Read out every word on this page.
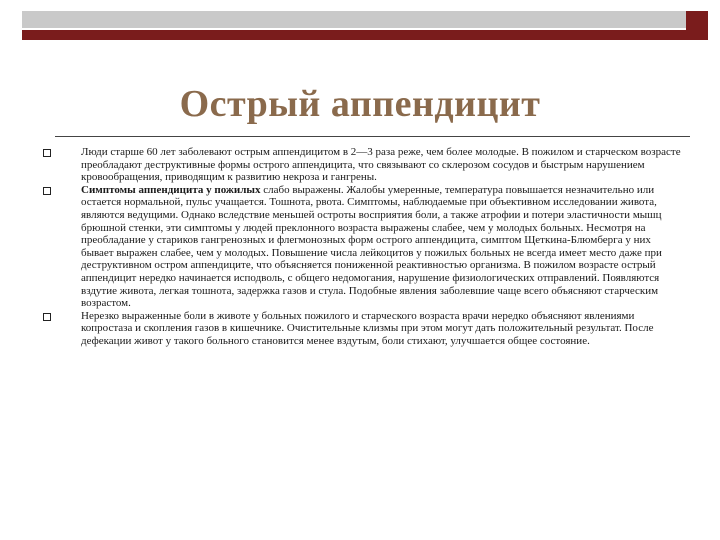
Острый аппендицит
Люди старше 60 лет заболевают острым аппендицитом в 2—3 раза реже, чем более молодые. В пожилом и старческом возрасте преобладают деструктивные формы острого аппендицита, что связывают со склерозом сосудов и быстрым нарушением кровообращения, приводящим к развитию некроза и гангрены.
Симптомы аппендицита у пожилых слабо выражены. Жалобы умеренные, температура повышается незначительно или остается нормальной, пульс учащается. Тошнота, рвота. Симптомы, наблюдаемые при объективном исследовании живота, являются ведущими. Однако вследствие меньшей остроты восприятия боли, а также атрофии и потери эластичности мышц брюшной стенки, эти симптомы у людей преклонного возраста выражены слабее, чем у молодых больных. Несмотря на преобладание у стариков гангренозных и флегмонозных форм острого аппендицита, симптом Щеткина-Блюмберга у них бывает выражен слабее, чем у молодых. Повышение числа лейкоцитов у пожилых больных не всегда имеет место даже при деструктивном остром аппендиците, что объясняется пониженной реактивностью организма. В пожилом возрасте острый аппендицит нередко начинается исподволь, с общего недомогания, нарушение физиологических отправлений. Появляются вздутие живота, легкая тошнота, задержка газов и стула. Подобные явления заболевшие чаще всего объясняют старческим возрастом.
Нерезко выраженные боли в животе у больных пожилого и старческого возраста врачи нередко объясняют явлениями копростаза и скопления газов в кишечнике. Очистительные клизмы при этом могут дать положительный результат. После дефекации живот у такого больного становится менее вздутым, боли стихают, улучшается общее состояние.
